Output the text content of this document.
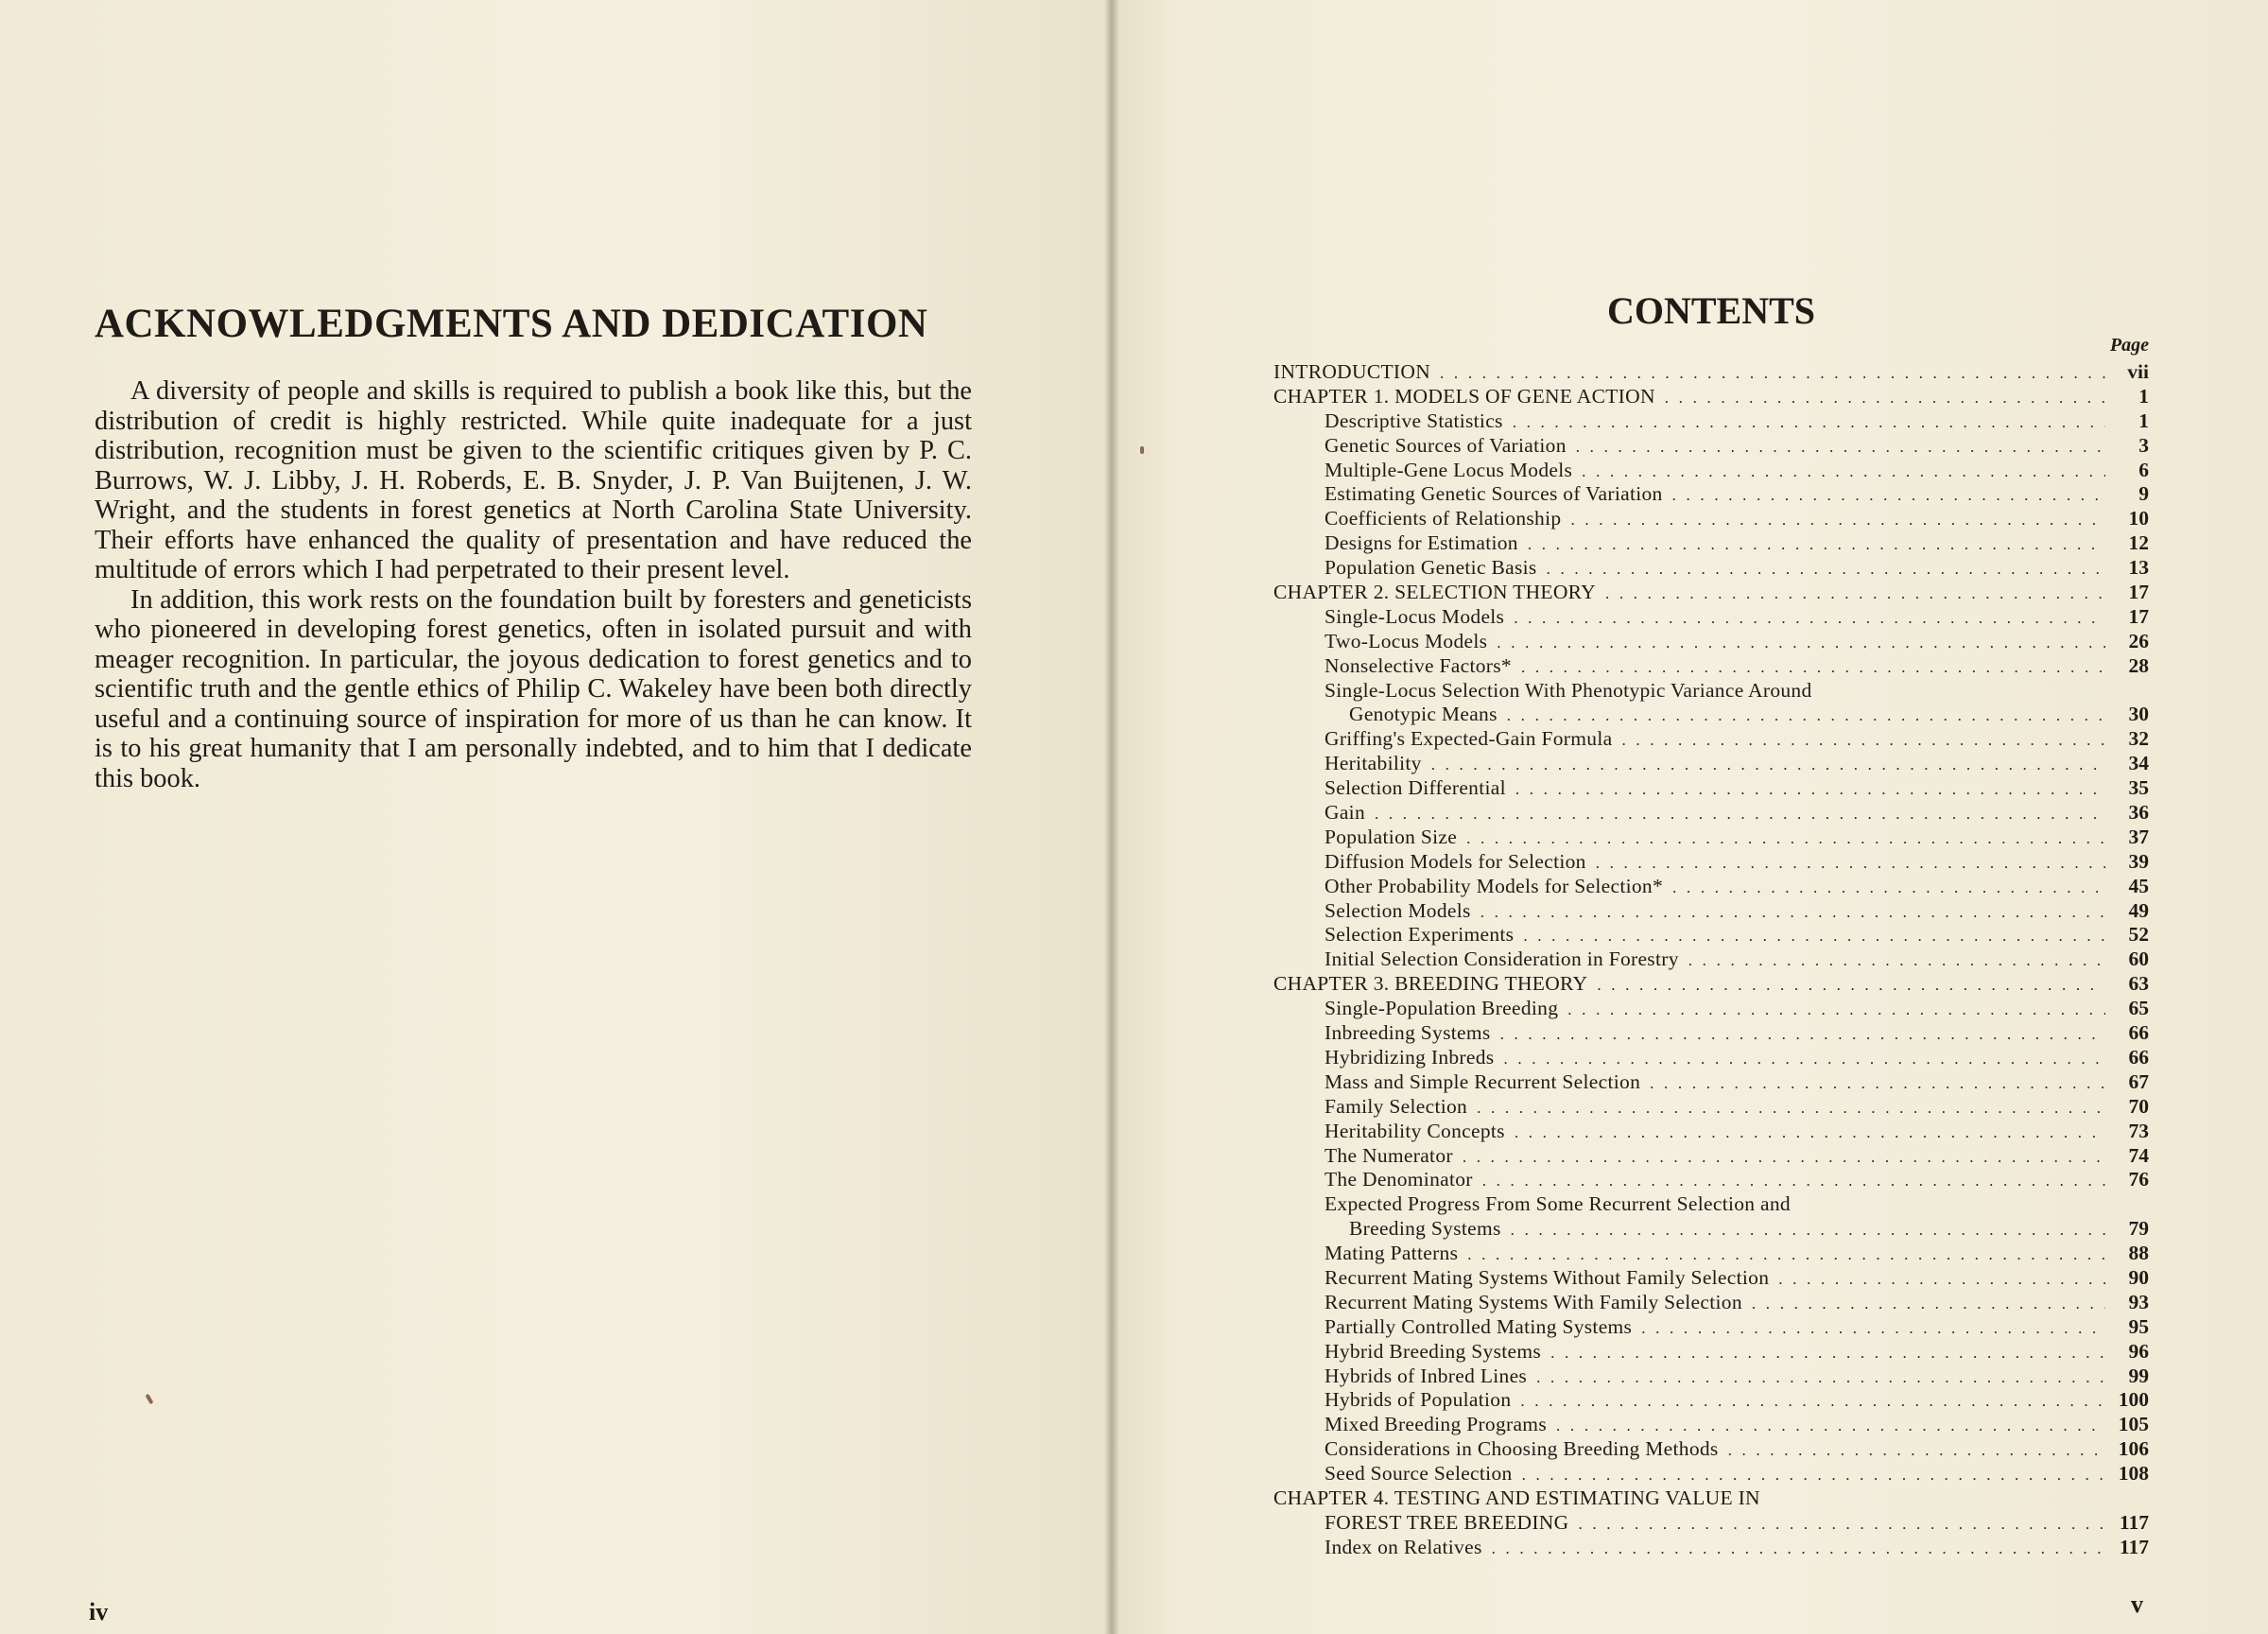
ACKNOWLEDGMENTS AND DEDICATION

A diversity of people and skills is required to publish a book like this, but the distribution of credit is highly restricted. While quite inadequate for a just distribution, recognition must be given to the scientific critiques given by P. C. Burrows, W. J. Libby, J. H. Roberds, E. B. Snyder, J. P. Van Buijtenen, J. W. Wright, and the students in forest genetics at North Carolina State University. Their efforts have enhanced the quality of presentation and have reduced the multitude of errors which I had perpetrated to their present level.

In addition, this work rests on the foundation built by foresters and geneticists who pioneered in developing forest genetics, often in isolated pursuit and with meager recognition. In particular, the joyous dedication to forest genetics and to scientific truth and the gentle ethics of Philip C. Wakeley have been both directly useful and a continuing source of inspiration for more of us than he can know. It is to his great humanity that I am personally indebted, and to him that I dedicate this book.

iv
CONTENTS
Page
INTRODUCTION . . .	vii
CHAPTER 1. MODELS OF GENE ACTION . . .	1
Descriptive Statistics . . .	1
Genetic Sources of Variation . . .	3
Multiple-Gene Locus Models . . .	6
Estimating Genetic Sources of Variation . . .	9
Coefficients of Relationship . . .	10
Designs for Estimation . . .	12
Population Genetic Basis . . .	13
CHAPTER 2. SELECTION THEORY . . .	17
Single-Locus Models . . .	17
Two-Locus Models . . .	26
Nonselective Factors* . . .	28
Single-Locus Selection With Phenotypic Variance Around
Genotypic Means . . .	30
Griffing's Expected-Gain Formula . . .	32
Heritability . . .	34
Selection Differential . . .	35
Gain . . .	36
Population Size . . .	37
Diffusion Models for Selection . . .	39
Other Probability Models for Selection* . . .	45
Selection Models . . .	49
Selection Experiments . . .	52
Initial Selection Consideration in Forestry . . .	60
CHAPTER 3. BREEDING THEORY . . .	63
Single-Population Breeding . . .	65
Inbreeding Systems . . .	66
Hybridizing Inbreds . . .	66
Mass and Simple Recurrent Selection . . .	67
Family Selection . . .	70
Heritability Concepts . . .	73
The Numerator . . .	74
The Denominator . . .	76
Expected Progress From Some Recurrent Selection and
Breeding Systems . . .	79
Mating Patterns . . .	88
Recurrent Mating Systems Without Family Selection . . .	90
Recurrent Mating Systems With Family Selection . . .	93
Partially Controlled Mating Systems . . .	95
Hybrid Breeding Systems . . .	96
Hybrids of Inbred Lines . . .	99
Hybrids of Population . . .	100
Mixed Breeding Programs . . .	105
Considerations in Choosing Breeding Methods . . .	106
Seed Source Selection . . .	108
CHAPTER 4. TESTING AND ESTIMATING VALUE IN
FOREST TREE BREEDING . . .	117
Index on Relatives . . .	117
v
